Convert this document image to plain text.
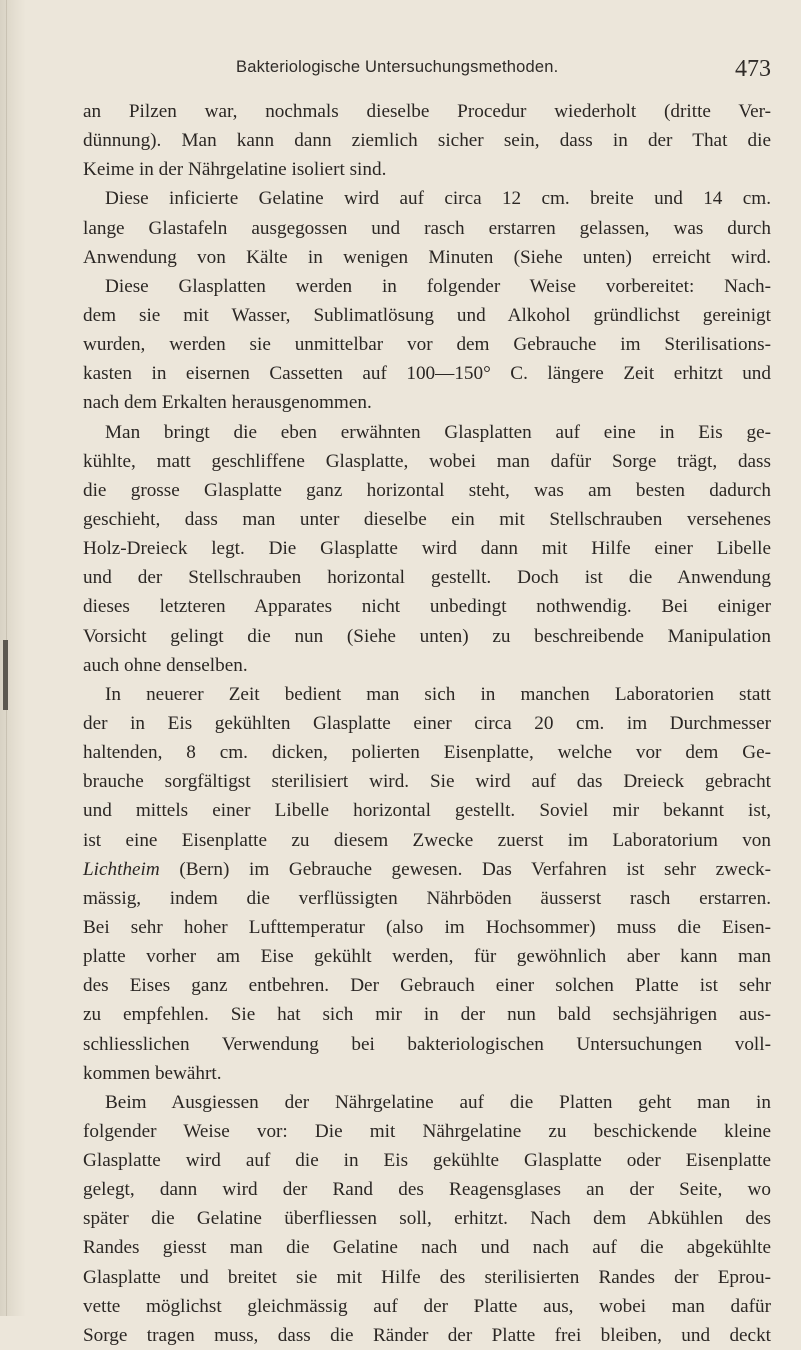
Bakteriologische Untersuchungsmethoden.	473
an Pilzen war, nochmals dieselbe Procedur wiederholt (dritte Ver-
dünnung). Man kann dann ziemlich sicher sein, dass in der That die
Keime in der Nährgelatine isoliert sind.
Diese inficierte Gelatine wird auf circa 12 cm. breite und 14 cm.
lange Glastafeln ausgegossen und rasch erstarren gelassen, was durch
Anwendung von Kälte in wenigen Minuten (Siehe unten) erreicht wird.
Diese Glasplatten werden in folgender Weise vorbereitet: Nach-
dem sie mit Wasser, Sublimatlösung und Alkohol gründlichst gereinigt
wurden, werden sie unmittelbar vor dem Gebrauche im Sterilisations-
kasten in eisernen Cassetten auf 100—150° C. längere Zeit erhitzt und
nach dem Erkalten herausgenommen.
Man bringt die eben erwähnten Glasplatten auf eine in Eis ge-
kühlte, matt geschliffene Glasplatte, wobei man dafür Sorge trägt, dass
die grosse Glasplatte ganz horizontal steht, was am besten dadurch
geschieht, dass man unter dieselbe ein mit Stellschrauben versehenes
Holz-Dreieck legt. Die Glasplatte wird dann mit Hilfe einer Libelle
und der Stellschrauben horizontal gestellt. Doch ist die Anwendung
dieses letzteren Apparates nicht unbedingt nothwendig. Bei einiger
Vorsicht gelingt die nun (Siehe unten) zu beschreibende Manipulation
auch ohne denselben.
In neuerer Zeit bedient man sich in manchen Laboratorien statt
der in Eis gekühlten Glasplatte einer circa 20 cm. im Durchmesser
haltenden, 8 cm. dicken, polierten Eisenplatte, welche vor dem Ge-
brauche sorgfältigst sterilisiert wird. Sie wird auf das Dreieck gebracht
und mittels einer Libelle horizontal gestellt. Soviel mir bekannt ist,
ist eine Eisenplatte zu diesem Zwecke zuerst im Laboratorium von
Lichtheim (Bern) im Gebrauche gewesen. Das Verfahren ist sehr zweck-
mässig, indem die verflüssigten Nährböden äusserst rasch erstarren.
Bei sehr hoher Lufttemperatur (also im Hochsommer) muss die Eisen-
platte vorher am Eise gekühlt werden, für gewöhnlich aber kann man
des Eises ganz entbehren. Der Gebrauch einer solchen Platte ist sehr
zu empfehlen. Sie hat sich mir in der nun bald sechsjährigen aus-
schliesslichen Verwendung bei bakteriologischen Untersuchungen voll-
kommen bewährt.
Beim Ausgiessen der Nährgelatine auf die Platten geht man in
folgender Weise vor: Die mit Nährgelatine zu beschickende kleine
Glasplatte wird auf die in Eis gekühlte Glasplatte oder Eisenplatte
gelegt, dann wird der Rand des Reagensglases an der Seite, wo
später die Gelatine überfliessen soll, erhitzt. Nach dem Abkühlen des
Randes giesst man die Gelatine nach und nach auf die abgekühlte
Glasplatte und breitet sie mit Hilfe des sterilisierten Randes der Eprou-
vette möglichst gleichmässig auf der Platte aus, wobei man dafür
Sorge tragen muss, dass die Ränder der Platte frei bleiben, und deckt
